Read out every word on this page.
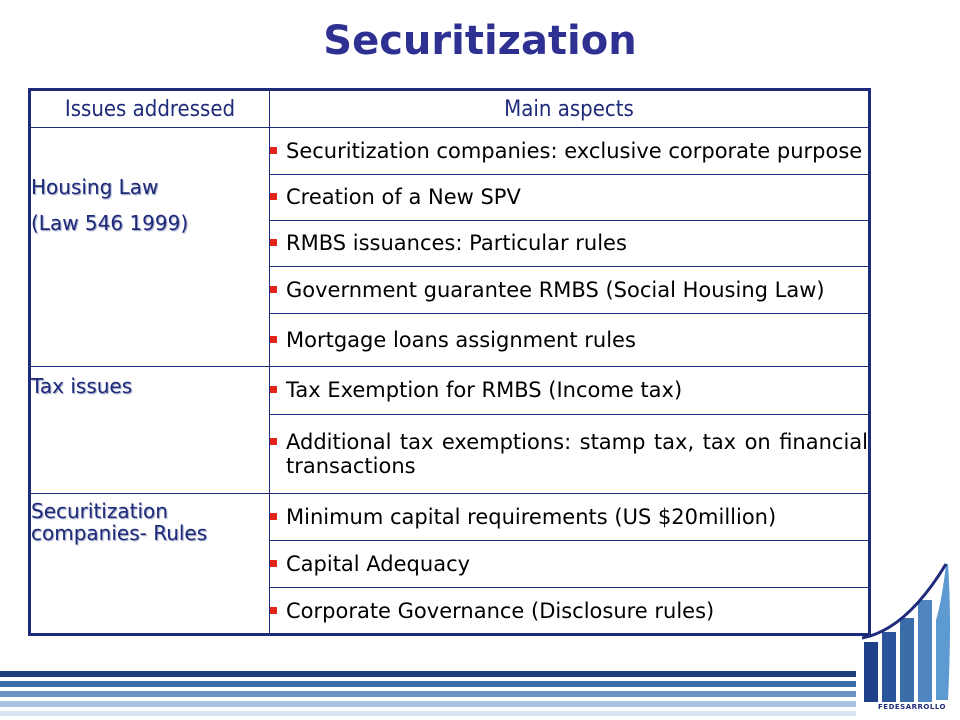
Securitization
Issues addressed	Main aspects

Housing Law
(Law 546 1999)	Securitization companies: exclusive corporate purpose

	Creation of a New SPV

	RMBS issuances: Particular rules

	Government guarantee RMBS (Social Housing Law)

	Mortgage loans assignment rules

Tax issues	Tax Exemption for RMBS (Income tax)

	Additional tax exemptions: stamp tax, tax on financial transactions

Securitization companies- Rules	Minimum capital requirements (US $20million)

	Capital Adequacy

	Corporate Governance (Disclosure rules)
FEDESARROLLO
